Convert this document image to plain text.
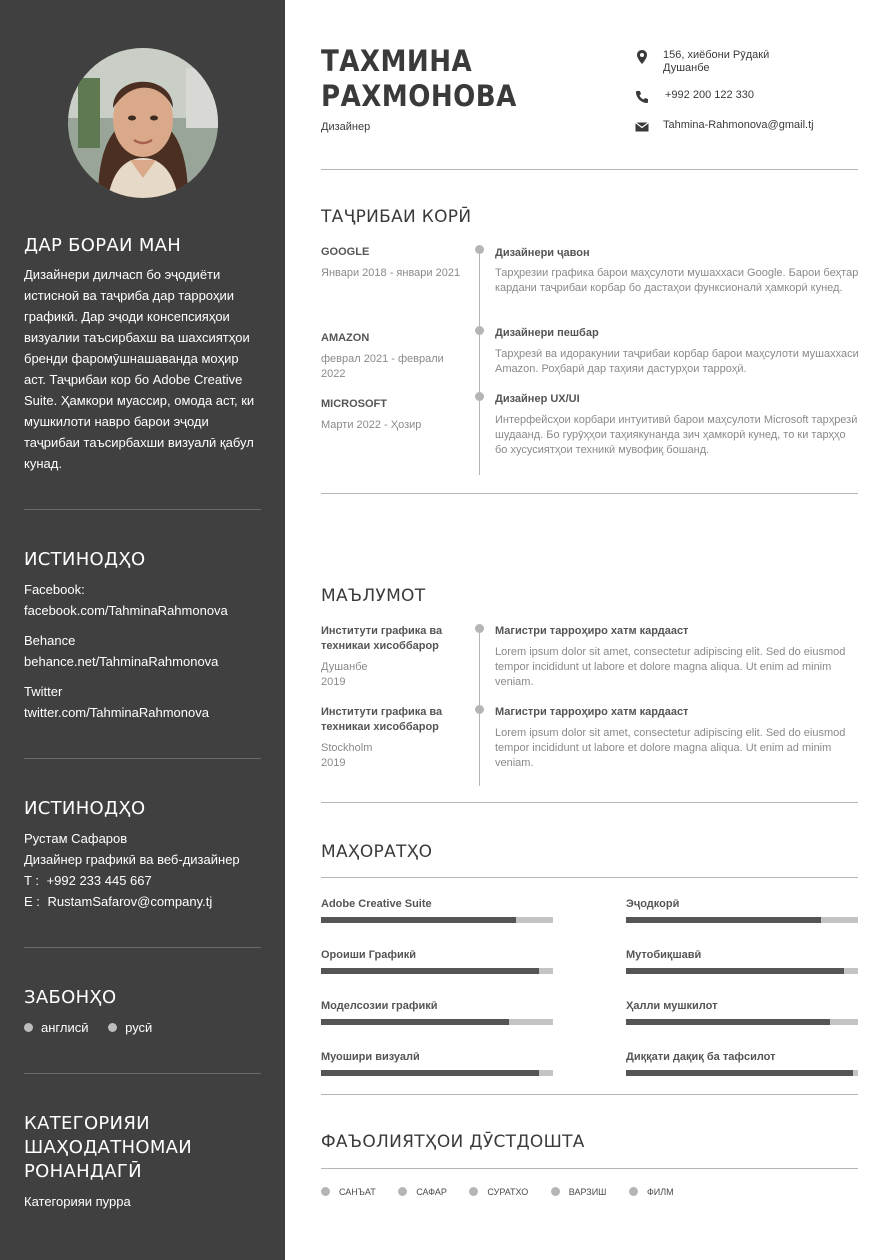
ДАР БОРАИ МАН
Дизайнери дилчасп бо эҷодиёти истисноӣ ва таҷриба дар тарроҳии графикӣ. Дар эҷоди консепсияҳои визуалии таъсирбахш ва шахсиятҳои бренди фаромӯшнашаванда моҳир аст. Таҷрибаи кор бо Adobe Creative Suite. Ҳамкори муассир, омода аст, ки мушкилоти навро барои эҷоди таҷрибаи таъсирбахши визуалӣ қабул кунад.
ИСТИНОДҲО
Facebook:
facebook.com/TahminaRahmonova
Behance
behance.net/TahminaRahmonova
Twitter
twitter.com/TahminaRahmonova
ИСТИНОДҲО
Рустам Сафаров
Дизайнер графикӣ ва веб-дизайнер
T : +992 233 445 667
E : RustamSafarov@company.tj
ЗАБОНҲО
англисӣ	русӣ
КАТЕГОРИЯИ
ШАҲОДАТНОМАИ
РОНАНДАГӢ
Категорияи пурра
ТАХМИНА
РАХМОНОВА
Дизайнер
156, хиёбони Рӯдакӣ
Душанбе
+992 200 122 330
Tahmina-Rahmonova@gmail.tj
ТАҶРИБАИ КОРӢ
GOOGLE
Январи 2018 - январи 2021
Дизайнери ҷавон
Тарҳрезии графика барои маҳсулоти мушаххаси Google. Барои беҳтар кардани таҷрибаи корбар бо дастаҳои функсионалӣ ҳамкорӣ кунед.
AMAZON
феврал 2021 - феврали 2022
Дизайнери пешбар
Тарҳрезӣ ва идоракунии таҷрибаи корбар барои маҳсулоти мушаххаси Amazon. Роҳбарӣ дар таҳияи дастурҳои тарроҳӣ.
MICROSOFT
Марти 2022 - Ҳозир
Дизайнер UX/UI
Интерфейсҳои корбари интуитивӣ барои маҳсулоти Microsoft тарҳрезӣ шудаанд. Бо гурӯҳҳои таҳиякунанда зич ҳамкорӣ кунед, то ки тарҳҳо бо хусусиятҳои техникӣ мувофиқ бошанд.
МАЪЛУМОТ
Институти графика ва техникаи хисоббарор
Душанбе
2019
Магистри тарроҳиро хатм кардааст
Lorem ipsum dolor sit amet, consectetur adipiscing elit. Sed do eiusmod tempor incididunt ut labore et dolore magna aliqua. Ut enim ad minim veniam.
Институти графика ва техникаи хисоббарор
Stockholm
2019
Магистри тарроҳиро хатм кардааст
Lorem ipsum dolor sit amet, consectetur adipiscing elit. Sed do eiusmod tempor incididunt ut labore et dolore magna aliqua. Ut enim ad minim veniam.
МАҲОРАТҲО
Adobe Creative Suite
Ороиши Графикӣ
Моделсозии графикӣ
Муошири визуалӣ
Эҷодкорӣ
Мутобиқшавӣ
Ҳалли мушкилот
Диққати дақиқ ба тафсилот
ФАЪОЛИЯТҲОИ ДӮСТДОШТА
САНЪАТ	САФАР	СУРАТХО	ВАРЗИШ	ФИЛМ
